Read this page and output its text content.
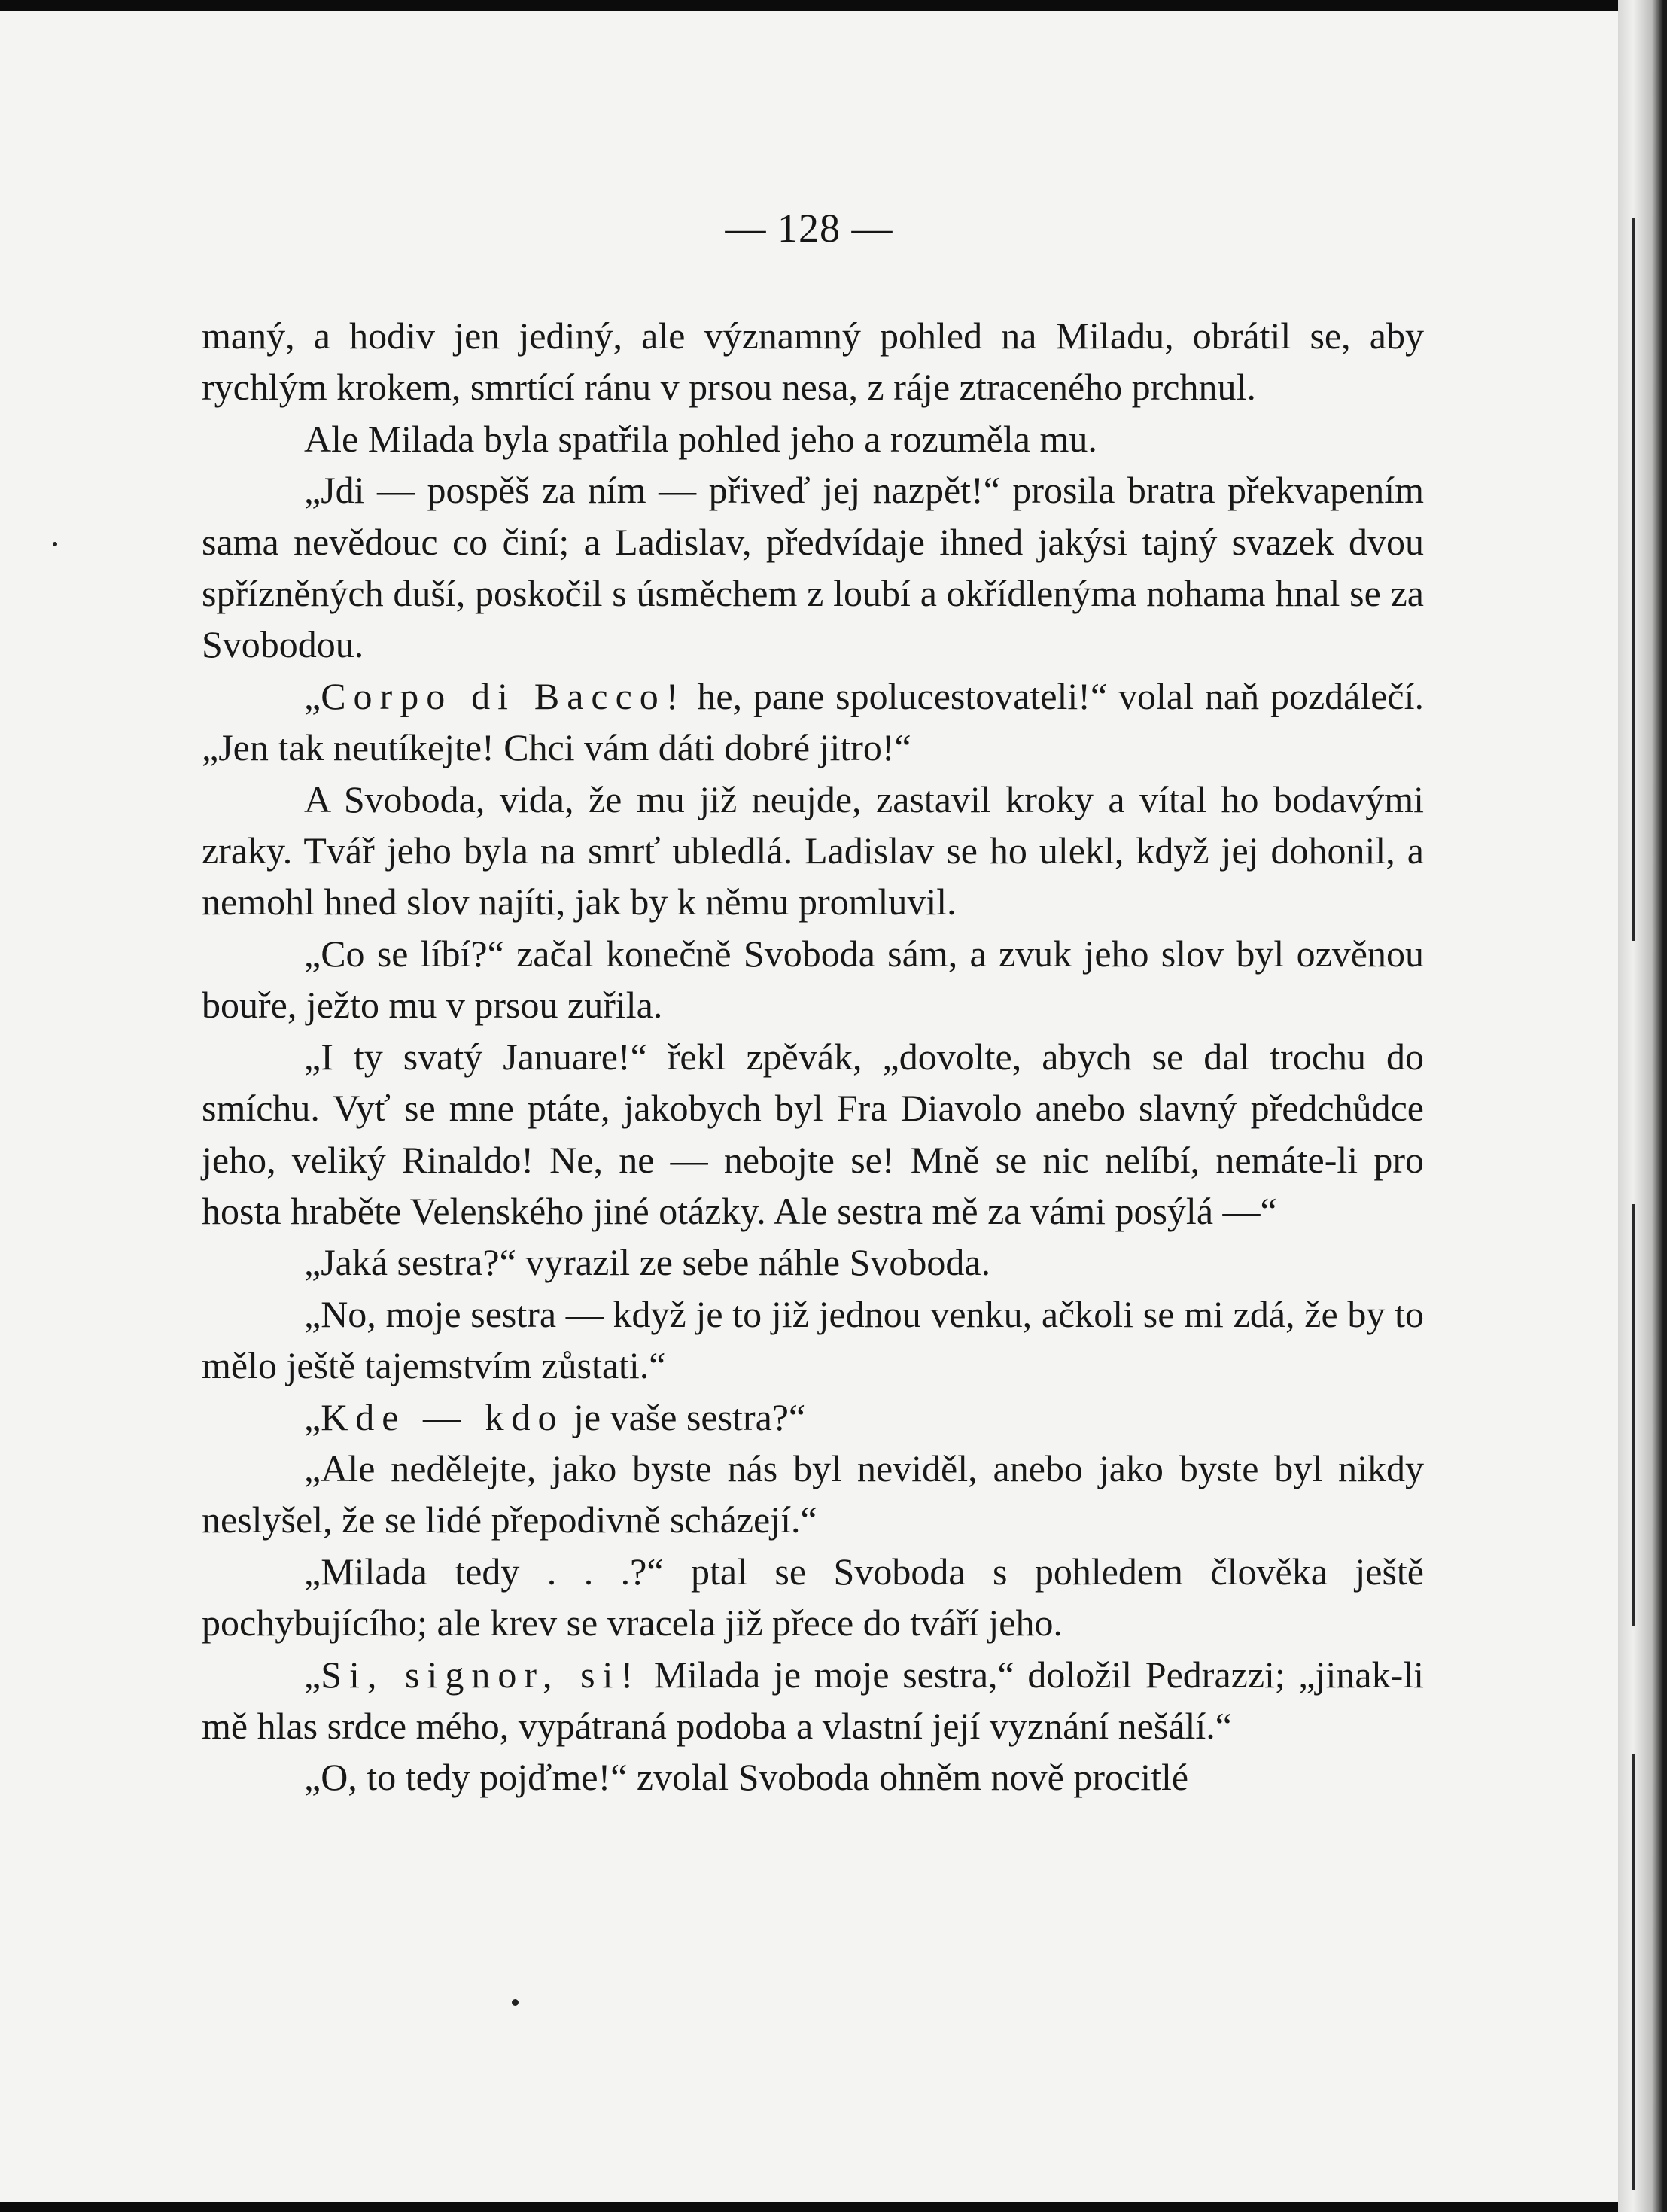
— 128 —

maný, a hodiv jen jediný, ale významný pohled na Miladu, obrátil se, aby rychlým krokem, smrtící ránu v prsou nesa, z ráje ztraceného prchnul.

Ale Milada byla spatřila pohled jeho a rozuměla mu.

„Jdi — pospěš za ním — přiveď jej nazpět!“ prosila bratra překvapením sama nevědouc co činí; a Ladislav, předvídaje ihned jakýsi tajný svazek dvou spřízněných duší, poskočil s úsměchem z loubí a okřídlenýma nohama hnal se za Svobodou.

„Corpo di Bacco! he, pane spolucestovateli!“ volal naň pozdálečí. „Jen tak neutíkejte! Chci vám dáti dobré jitro!“

A Svoboda, vida, že mu již neujde, zastavil kroky a vítal ho bodavými zraky. Tvář jeho byla na smrť ubledlá. Ladislav se ho ulekl, když jej dohonil, a nemohl hned slov najíti, jak by k němu promluvil.

„Co se líbí?“ začal konečně Svoboda sám, a zvuk jeho slov byl ozvěnou bouře, ježto mu v prsou zuřila.

„I ty svatý Januare!“ řekl zpěvák, „dovolte, abych se dal trochu do smíchu. Vyť se mne ptáte, jakobych byl Fra Diavolo anebo slavný předchůdce jeho, veliký Rinaldo! Ne, ne — nebojte se! Mně se nic nelíbí, nemáte-li pro hosta hraběte Velenského jiné otázky. Ale sestra mě za vámi posýlá —“

„Jaká sestra?“ vyrazil ze sebe náhle Svoboda.

„No, moje sestra — když je to již jednou venku, ačkoli se mi zdá, že by to mělo ještě tajemstvím zůstati.“

„Kde — kdo je vaše sestra?“

„Ale nedělejte, jako byste nás byl neviděl, anebo jako byste byl nikdy neslyšel, že se lidé přepodivně scházejí.“

„Milada tedy . . .?“ ptal se Svoboda s pohledem člověka ještě pochybujícího; ale krev se vracela již přece do tváří jeho.

„Si, signor, si! Milada je moje sestra,“ doložil Pedrazzi; „jinak-li mě hlas srdce mého, vypátraná podoba a vlastní její vyznání nešálí.“

„O, to tedy pojďme!“ zvolal Svoboda ohněm nově procitlé
